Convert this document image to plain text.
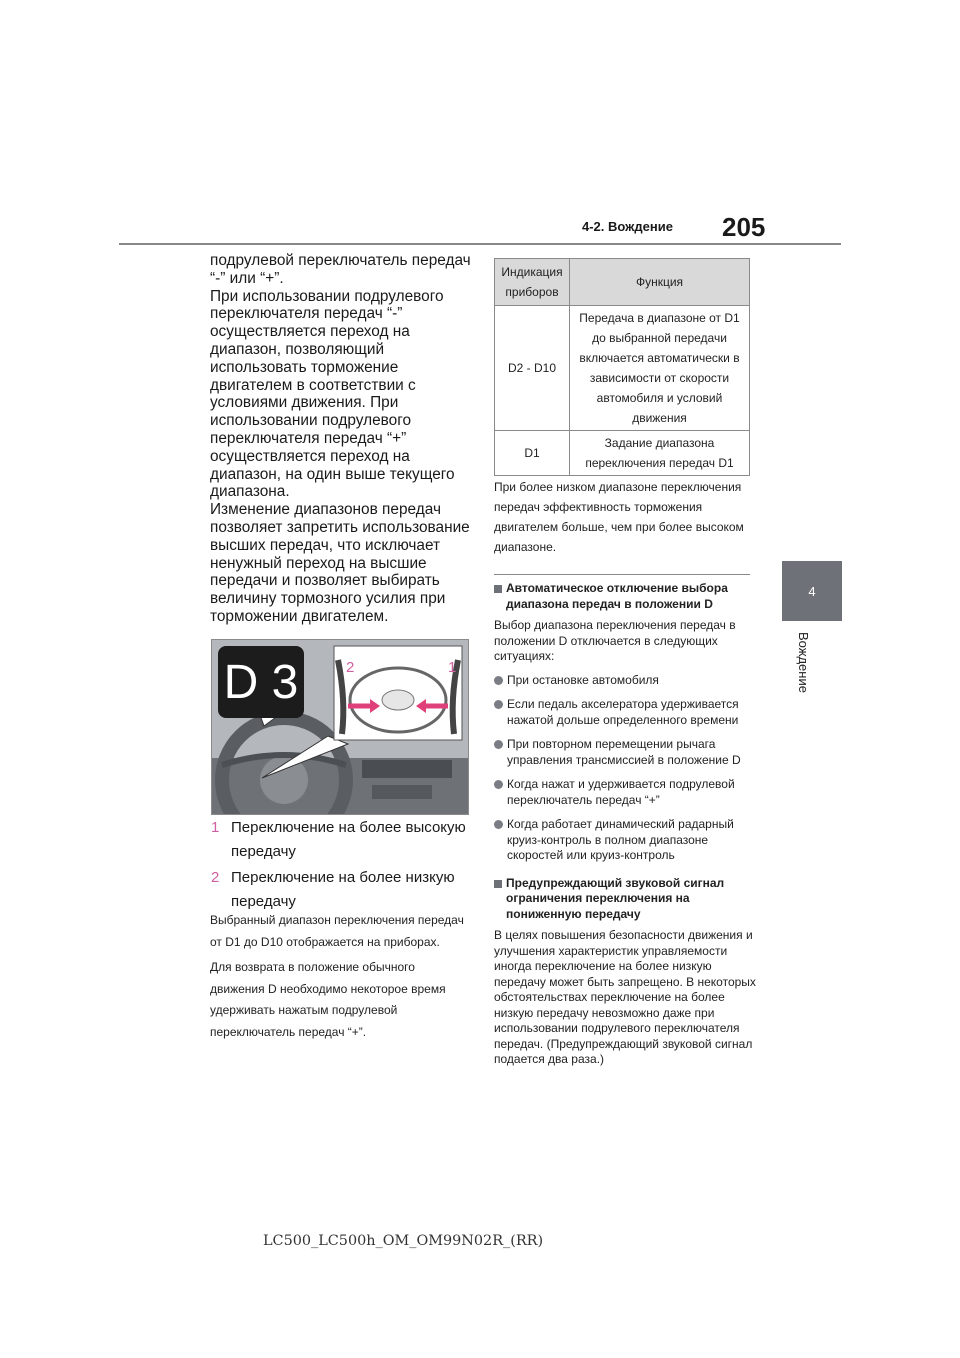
205
4-2. Вождение
4
Вождение

подрулевой переключатель передач “-” или “+”.

При использовании подрулевого переключателя передач “-” осуществляется переход на диапазон, позволяющий использовать торможение двигателем в соответствии с условиями движения. При использовании подрулевого переключателя передач “+” осуществляется переход на диапазон, на один выше текущего диапазона.

Изменение диапазонов передач позволяет запретить использование высших передач, что исключает ненужный переход на высшие передачи и позволяет выбирать величину тормозного усилия при торможении двигателем.

D 3	2	1
1 Переключение на более высокую передачу
2 Переключение на более низкую передачу

Выбранный диапазон переключения передач от D1 до D10 отображается на приборах.

Для возврата в положение обычного движения D необходимо некоторое время удерживать нажатым подрулевой переключатель передач “+”.

Индикация приборов	Функция
D2 - D10	Передача в диапазоне от D1 до выбранной передачи включается автоматически в зависимости от скорости автомобиля и условий движения
D1	Задание диапазона переключения передач D1

При более низком диапазоне переключения передач эффективность торможения двигателем больше, чем при более высоком диапазоне.

Автоматическое отключение выбора диапазона передач в положении D

Выбор диапазона переключения передач в положении D отключается в следующих ситуациях:

При остановке автомобиля
Если педаль акселератора удерживается нажатой дольше определенного времени
При повторном перемещении рычага управления трансмиссией в положение D
Когда нажат и удерживается подрулевой переключатель передач “+”
Когда работает динамический радарный круиз-контроль в полном диапазоне скоростей или круиз-контроль
Предупреждающий звуковой сигнал ограничения переключения на пониженную передачу

В целях повышения безопасности движения и улучшения характеристик управляемости иногда переключение на более низкую передачу может быть запрещено. В некоторых обстоятельствах переключение на более низкую передачу невозможно даже при использовании подрулевого переключателя передач. (Предупреждающий звуковой сигнал подается два раза.)

LC500_LC500h_OM_OM99N02R_(RR)
